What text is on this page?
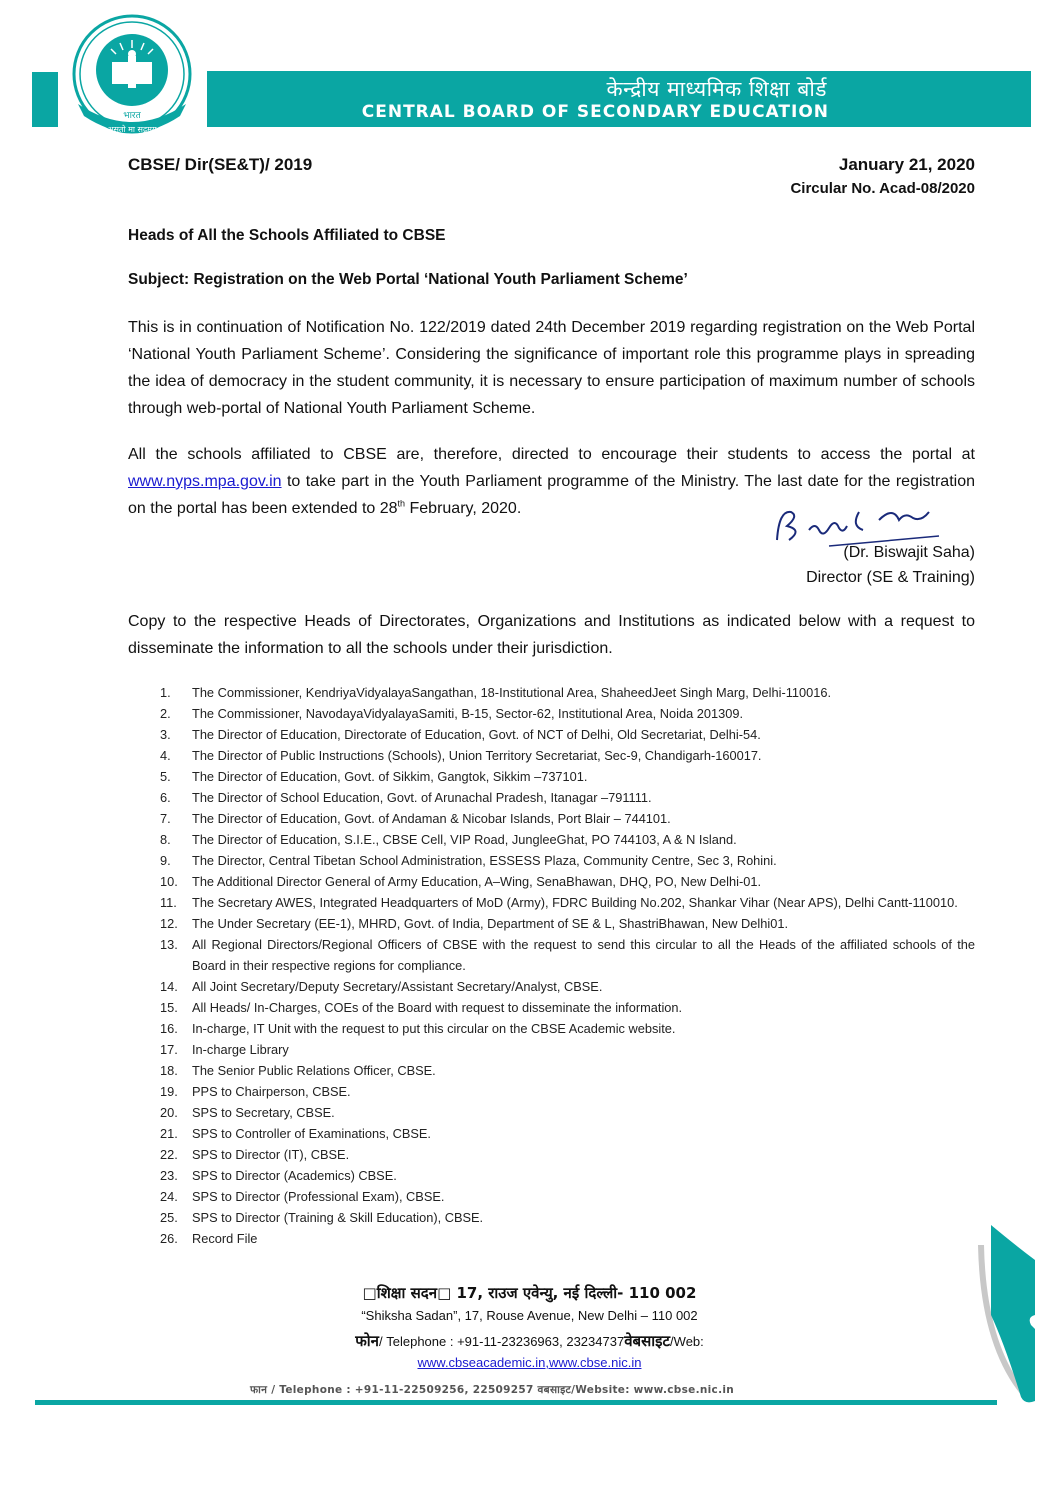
भारत
असतो मा सद्गमय
केन्द्रीय माध्यमिक शिक्षा बोर्ड
CENTRAL BOARD OF SECONDARY EDUCATION
CBSE/ Dir(SE&T)/ 2019	January 21, 2020
Circular No. Acad-08/2020
Heads of All the Schools Affiliated to CBSE
Subject: Registration on the Web Portal ‘National Youth Parliament Scheme’
This is in continuation of Notification No. 122/2019 dated 24th December 2019 regarding registration on the Web Portal ‘National Youth Parliament Scheme’. Considering the significance of important role this programme plays in spreading the idea of democracy in the student community, it is necessary to ensure participation of maximum number of schools through web-portal of National Youth Parliament Scheme.
All the schools affiliated to CBSE are, therefore, directed to encourage their students to access the portal at www.nyps.mpa.gov.in to take part in the Youth Parliament programme of the Ministry. The last date for the registration on the portal has been extended to 28th February, 2020.
(Dr. Biswajit Saha)
Director (SE & Training)
Copy to the respective Heads of Directorates, Organizations and Institutions as indicated below with a request to disseminate the information to all the schools under their jurisdiction.
1.	The Commissioner, KendriyaVidyalayaSangathan, 18-Institutional Area, ShaheedJeet Singh Marg, Delhi-110016.
2.	The Commissioner, NavodayaVidyalayaSamiti, B-15, Sector-62, Institutional Area, Noida 201309.
3.	The Director of Education, Directorate of Education, Govt. of NCT of Delhi, Old Secretariat, Delhi-54.
4.	The Director of Public Instructions (Schools), Union Territory Secretariat, Sec-9, Chandigarh-160017.
5.	The Director of Education, Govt. of Sikkim, Gangtok, Sikkim –737101.
6.	The Director of School Education, Govt. of Arunachal Pradesh, Itanagar –791111.
7.	The Director of Education, Govt. of Andaman & Nicobar Islands, Port Blair – 744101.
8.	The Director of Education, S.I.E., CBSE Cell, VIP Road, JungleeGhat, PO 744103, A & N Island.
9.	The Director, Central Tibetan School Administration, ESSESS Plaza, Community Centre, Sec 3, Rohini.
10.	The Additional Director General of Army Education, A–Wing, SenaBhawan, DHQ, PO, New Delhi-01.
11.	The Secretary AWES, Integrated Headquarters of MoD (Army), FDRC Building No.202, Shankar Vihar (Near APS), Delhi Cantt-110010.
12.	The Under Secretary (EE-1), MHRD, Govt. of India, Department of SE & L, ShastriBhawan, New Delhi01.
13.	All Regional Directors/Regional Officers of CBSE with the request to send this circular to all the Heads of the affiliated schools of the Board in their respective regions for compliance.
14.	All Joint Secretary/Deputy Secretary/Assistant Secretary/Analyst, CBSE.
15.	All Heads/ In-Charges, COEs of the Board with request to disseminate the information.
16.	In-charge, IT Unit with the request to put this circular on the CBSE Academic website.
17.	In-charge Library
18.	The Senior Public Relations Officer, CBSE.
19.	PPS to Chairperson, CBSE.
20.	SPS to Secretary, CBSE.
21.	SPS to Controller of Examinations, CBSE.
22.	SPS to Director (IT), CBSE.
23.	SPS to Director (Academics) CBSE.
24.	SPS to Director (Professional Exam), CBSE.
25.	SPS to Director (Training & Skill Education), CBSE.
26.	Record File
□शिक्षा सदन□ 17, राउज एवेन्यु, नई दिल्ली- 110 002
“Shiksha Sadan”, 17, Rouse Avenue, New Delhi – 110 002
फोन/ Telephone : +91-11-23236963, 23234737वेबसाइट/Web:
www.cbseacademic.in,www.cbse.nic.in
फान / Telephone : +91-11-22509256, 22509257 वबसाइट/Website: www.cbse.nic.in
